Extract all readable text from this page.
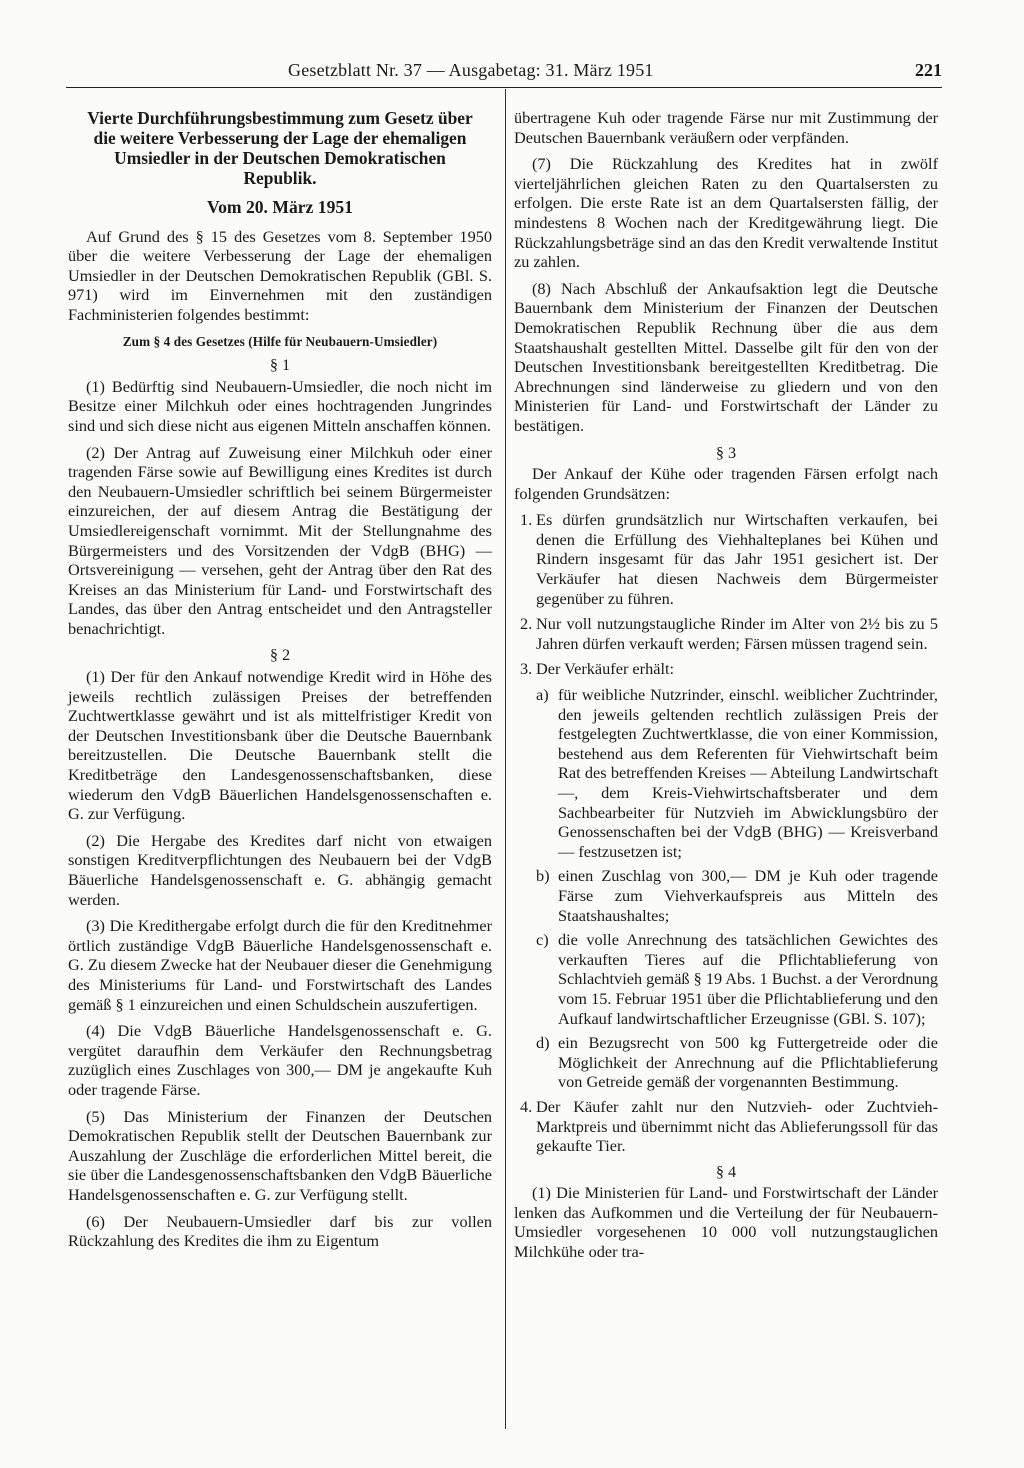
Gesetzblatt Nr. 37 — Ausgabetag: 31. März 1951	221

Vierte Durchführungsbestimmung zum Gesetz über die weitere Verbesserung der Lage der ehemaligen Umsiedler in der Deutschen Demokratischen Republik.

Vom 20. März 1951

Auf Grund des § 15 des Gesetzes vom 8. September 1950 über die weitere Verbesserung der Lage der ehemaligen Umsiedler in der Deutschen Demokratischen Republik (GBl. S. 971) wird im Einvernehmen mit den zuständigen Fachministerien folgendes bestimmt:

Zum § 4 des Gesetzes (Hilfe für Neubauern-Umsiedler)

§ 1

(1) Bedürftig sind Neubauern-Umsiedler, die noch nicht im Besitze einer Milchkuh oder eines hochtragenden Jungrindes sind und sich diese nicht aus eigenen Mitteln anschaffen können.

(2) Der Antrag auf Zuweisung einer Milchkuh oder einer tragenden Färse sowie auf Bewilligung eines Kredites ist durch den Neubauern-Umsiedler schriftlich bei seinem Bürgermeister einzureichen, der auf diesem Antrag die Bestätigung der Umsiedlereigenschaft vornimmt. Mit der Stellungnahme des Bürgermeisters und des Vorsitzenden der VdgB (BHG) — Ortsvereinigung — versehen, geht der Antrag über den Rat des Kreises an das Ministerium für Land- und Forstwirtschaft des Landes, das über den Antrag entscheidet und den Antragsteller benachrichtigt.

§ 2

(1) Der für den Ankauf notwendige Kredit wird in Höhe des jeweils rechtlich zulässigen Preises der betreffenden Zuchtwertklasse gewährt und ist als mittelfristiger Kredit von der Deutschen Investitionsbank über die Deutsche Bauernbank bereitzustellen. Die Deutsche Bauernbank stellt die Kreditbeträge den Landesgenossenschaftsbanken, diese wiederum den VdgB Bäuerlichen Handelsgenossenschaften e. G. zur Verfügung.

(2) Die Hergabe des Kredites darf nicht von etwaigen sonstigen Kreditverpflichtungen des Neubauern bei der VdgB Bäuerliche Handelsgenossenschaft e. G. abhängig gemacht werden.

(3) Die Kredithergabe erfolgt durch die für den Kreditnehmer örtlich zuständige VdgB Bäuerliche Handelsgenossenschaft e. G. Zu diesem Zwecke hat der Neubauer dieser die Genehmigung des Ministeriums für Land- und Forstwirtschaft des Landes gemäß § 1 einzureichen und einen Schuldschein auszufertigen.

(4) Die VdgB Bäuerliche Handelsgenossenschaft e. G. vergütet daraufhin dem Verkäufer den Rechnungsbetrag zuzüglich eines Zuschlages von 300,— DM je angekaufte Kuh oder tragende Färse.

(5) Das Ministerium der Finanzen der Deutschen Demokratischen Republik stellt der Deutschen Bauernbank zur Auszahlung der Zuschläge die erforderlichen Mittel bereit, die sie über die Landesgenossenschaftsbanken den VdgB Bäuerliche Handelsgenossenschaften e. G. zur Verfügung stellt.

(6) Der Neubauern-Umsiedler darf bis zur vollen Rückzahlung des Kredites die ihm zu Eigentum

übertragene Kuh oder tragende Färse nur mit Zustimmung der Deutschen Bauernbank veräußern oder verpfänden.

(7) Die Rückzahlung des Kredites hat in zwölf vierteljährlichen gleichen Raten zu den Quartalsersten zu erfolgen. Die erste Rate ist an dem Quartalsersten fällig, der mindestens 8 Wochen nach der Kreditgewährung liegt. Die Rückzahlungsbeträge sind an das den Kredit verwaltende Institut zu zahlen.

(8) Nach Abschluß der Ankaufsaktion legt die Deutsche Bauernbank dem Ministerium der Finanzen der Deutschen Demokratischen Republik Rechnung über die aus dem Staatshaushalt gestellten Mittel. Dasselbe gilt für den von der Deutschen Investitionsbank bereitgestellten Kreditbetrag. Die Abrechnungen sind länderweise zu gliedern und von den Ministerien für Land- und Forstwirtschaft der Länder zu bestätigen.

§ 3

Der Ankauf der Kühe oder tragenden Färsen erfolgt nach folgenden Grundsätzen:

1. Es dürfen grundsätzlich nur Wirtschaften verkaufen, bei denen die Erfüllung des Viehhalteplanes bei Kühen und Rindern insgesamt für das Jahr 1951 gesichert ist. Der Verkäufer hat diesen Nachweis dem Bürgermeister gegenüber zu führen.
2. Nur voll nutzungstaugliche Rinder im Alter von 2½ bis zu 5 Jahren dürfen verkauft werden; Färsen müssen tragend sein.
3. Der Verkäufer erhält:
a) für weibliche Nutzrinder, einschl. weiblicher Zuchtrinder, den jeweils geltenden rechtlich zulässigen Preis der festgelegten Zuchtwertklasse, die von einer Kommission, bestehend aus dem Referenten für Viehwirtschaft beim Rat des betreffenden Kreises — Abteilung Landwirtschaft —, dem Kreis-Viehwirtschaftsberater und dem Sachbearbeiter für Nutzvieh im Abwicklungsbüro der Genossenschaften bei der VdgB (BHG) — Kreisverband — festzusetzen ist;
b) einen Zuschlag von 300,— DM je Kuh oder tragende Färse zum Viehverkaufspreis aus Mitteln des Staatshaushaltes;
c) die volle Anrechnung des tatsächlichen Gewichtes des verkauften Tieres auf die Pflichtablieferung von Schlachtvieh gemäß § 19 Abs. 1 Buchst. a der Verordnung vom 15. Februar 1951 über die Pflichtablieferung und den Aufkauf landwirtschaftlicher Erzeugnisse (GBl. S. 107);
d) ein Bezugsrecht von 500 kg Futtergetreide oder die Möglichkeit der Anrechnung auf die Pflichtablieferung von Getreide gemäß der vorgenannten Bestimmung.
4. Der Käufer zahlt nur den Nutzvieh- oder Zuchtvieh-Marktpreis und übernimmt nicht das Ablieferungssoll für das gekaufte Tier.

§ 4

(1) Die Ministerien für Land- und Forstwirtschaft der Länder lenken das Aufkommen und die Verteilung der für Neubauern-Umsiedler vorgesehenen 10 000 voll nutzungstauglichen Milchkühe oder tra-
